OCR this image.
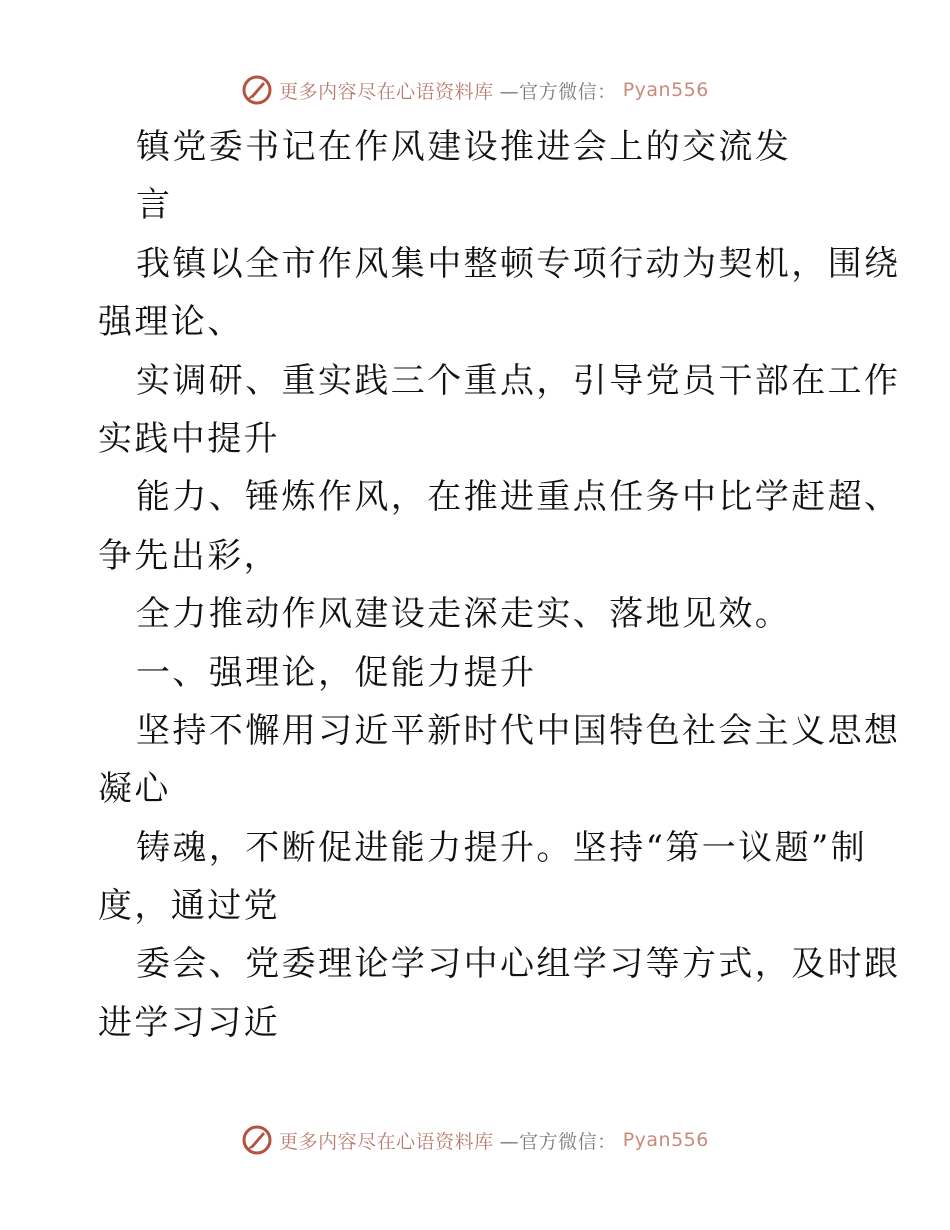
更多内容尽在心语资料库 —官方微信： Pyan556
镇党委书记在作风建设推进会上的交流发
言
我镇以全市作风集中整顿专项行动为契机，围绕
强理论、
实调研、重实践三个重点，引导党员干部在工作
实践中提升
能力、锤炼作风，在推进重点任务中比学赶超、
争先出彩，
全力推动作风建设走深走实、落地见效。
一、强理论，促能力提升
坚持不懈用习近平新时代中国特色社会主义思想
凝心
铸魂，不断促进能力提升。坚持“第一议题”制
度，通过党
委会、党委理论学习中心组学习等方式，及时跟
进学习习近
更多内容尽在心语资料库 —官方微信： Pyan556
